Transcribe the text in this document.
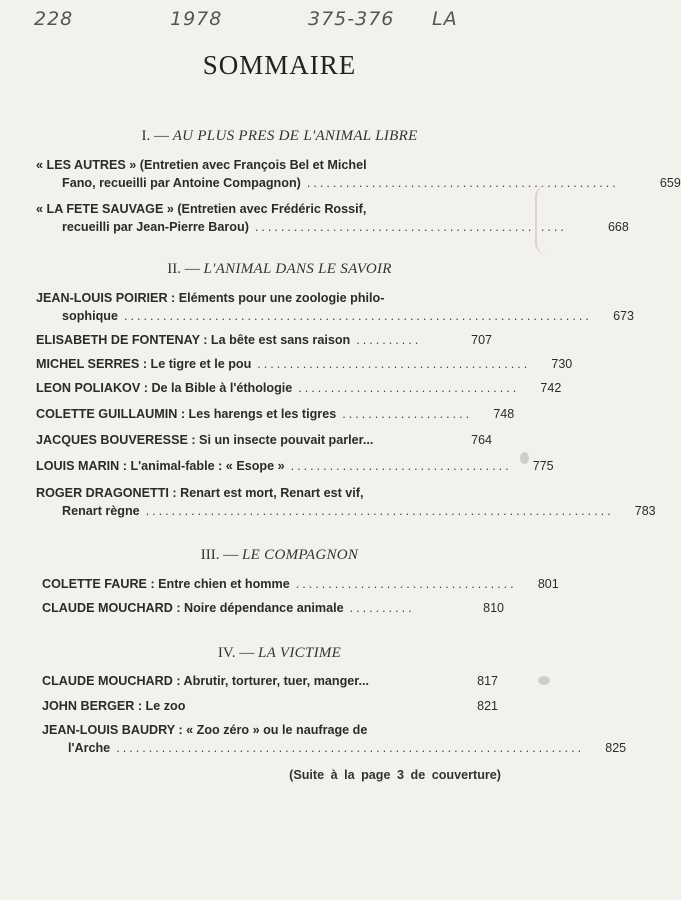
228	1978	375-376 LA
SOMMAIRE
I. — AU PLUS PRES DE L'ANIMAL LIBRE
« LES AUTRES » (Entretien avec François Bel et Michel
Fano, recueilli par Antoine Compagnon) ................................................	659
« LA FETE SAUVAGE » (Entretien avec Frédéric Rossif,
recueilli par Jean-Pierre Barou) ................................................	668
II. — L'ANIMAL DANS LE SAVOIR
JEAN-LOUIS POIRIER : Eléments pour une zoologie philo-
sophique ........................................................................	673
ELISABETH DE FONTENAY : La bête est sans raison ..........	707
MICHEL SERRES : Le tigre et le pou ..........................................	730
LEON POLIAKOV : De la Bible à l'éthologie ..................................	742
COLETTE GUILLAUMIN : Les harengs et les tigres ....................	748
JACQUES BOUVERESSE : Si un insecte pouvait parler...	764
LOUIS MARIN : L'animal-fable : « Esope » ..................................	775
ROGER DRAGONETTI : Renart est mort, Renart est vif,
Renart règne ........................................................................	783
III. — LE COMPAGNON
COLETTE FAURE : Entre chien et homme ..................................	801
CLAUDE MOUCHARD : Noire dépendance animale ..........	810
IV. — LA VICTIME
CLAUDE MOUCHARD : Abrutir, torturer, tuer, manger...	817
JOHN BERGER : Le zoo	821
JEAN-LOUIS BAUDRY : « Zoo zéro » ou le naufrage de
l'Arche ........................................................................	825
(Suite à la page 3 de couverture)
